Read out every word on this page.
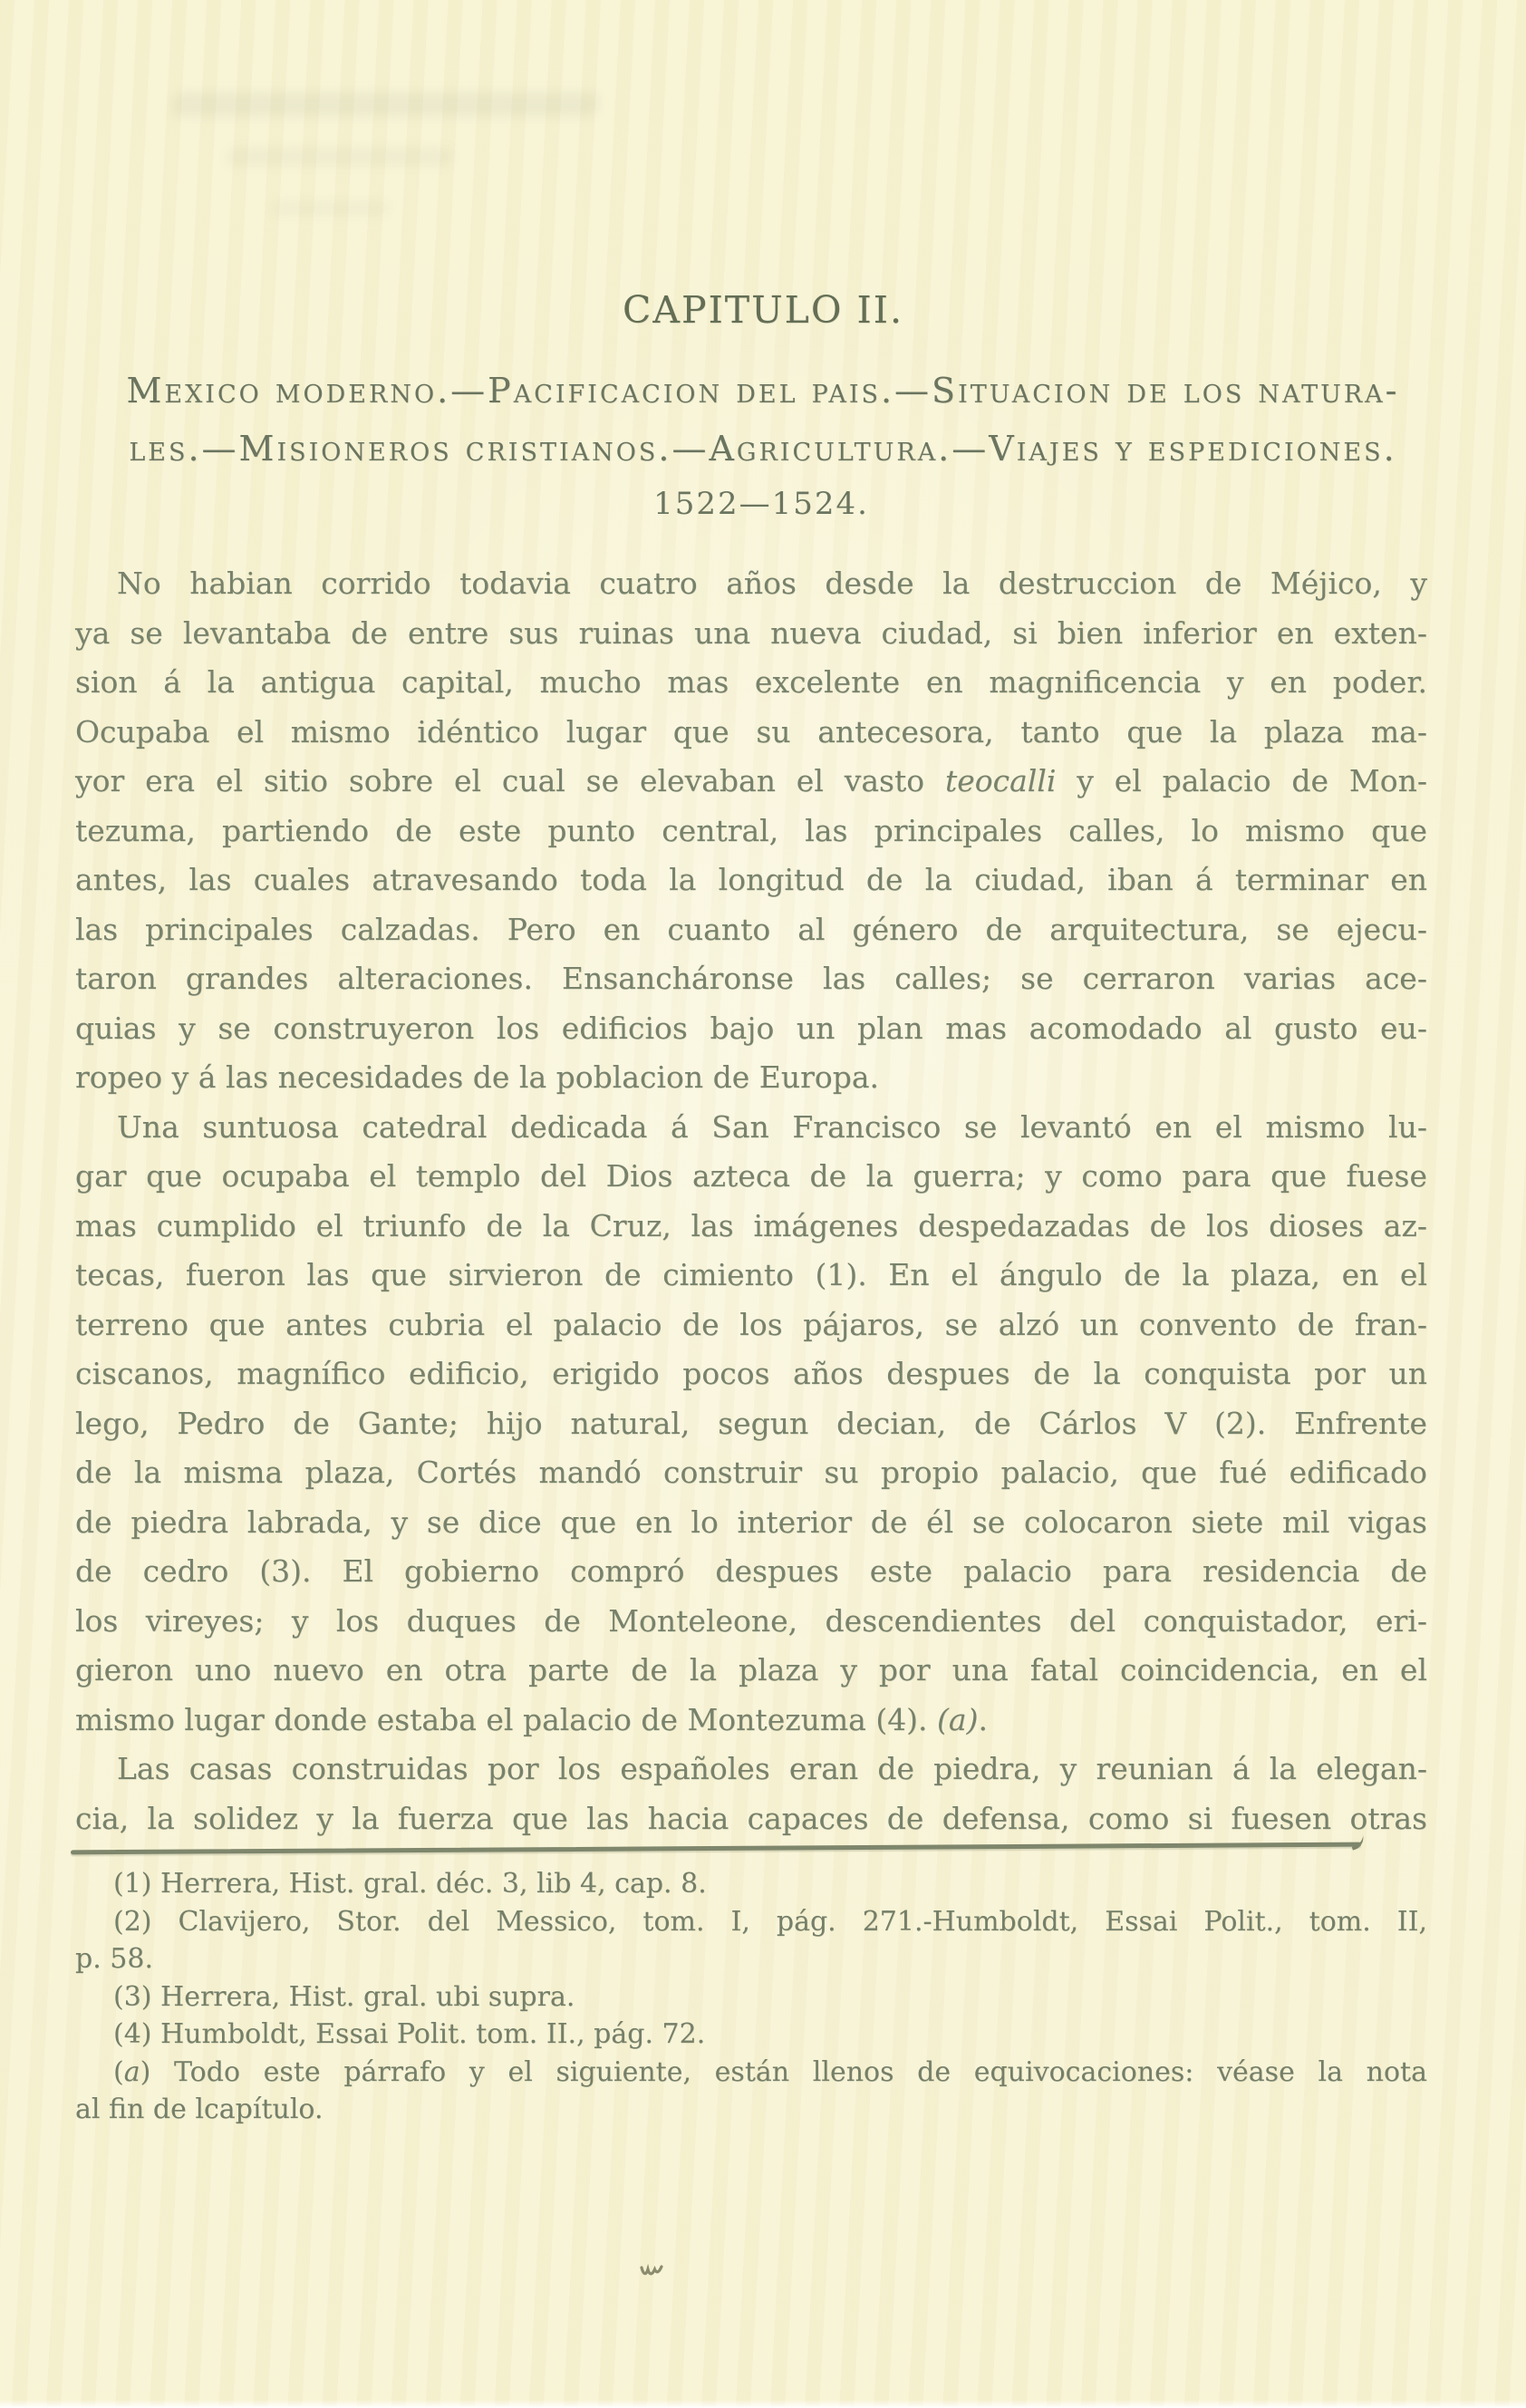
CAPITULO II.
Mexico moderno.—Pacificacion del pais.—Situacion de los natura-
les.—Misioneros cristianos.—Agricultura.—Viajes y espediciones.
1522—1524.

No habian corrido todavia cuatro años desde la destruccion de Méjico, y

ya se levantaba de entre sus ruinas una nueva ciudad, si bien inferior en exten-

sion á la antigua capital, mucho mas excelente en magnificencia y en poder.

Ocupaba el mismo idéntico lugar que su antecesora, tanto que la plaza ma-

yor era el sitio sobre el cual se elevaban el vasto teocalli y el palacio de Mon-

tezuma, partiendo de este punto central, las principales calles, lo mismo que

antes, las cuales atravesando toda la longitud de la ciudad, iban á terminar en

las principales calzadas. Pero en cuanto al género de arquitectura, se ejecu-

taron grandes alteraciones. Ensancháronse las calles; se cerraron varias ace-

quias y se construyeron los edificios bajo un plan mas acomodado al gusto eu-

ropeo y á las necesidades de la poblacion de Europa.

Una suntuosa catedral dedicada á San Francisco se levantó en el mismo lu-

gar que ocupaba el templo del Dios azteca de la guerra; y como para que fuese

mas cumplido el triunfo de la Cruz, las imágenes despedazadas de los dioses az-

tecas, fueron las que sirvieron de cimiento (1). En el ángulo de la plaza, en el

terreno que antes cubria el palacio de los pájaros, se alzó un convento de fran-

ciscanos, magnífico edificio, erigido pocos años despues de la conquista por un

lego, Pedro de Gante; hijo natural, segun decian, de Cárlos V (2). Enfrente

de la misma plaza, Cortés mandó construir su propio palacio, que fué edificado

de piedra labrada, y se dice que en lo interior de él se colocaron siete mil vigas

de cedro (3). El gobierno compró despues este palacio para residencia de

los vireyes; y los duques de Monteleone, descendientes del conquistador, eri-

gieron uno nuevo en otra parte de la plaza y por una fatal coincidencia, en el

mismo lugar donde estaba el palacio de Montezuma (4). (a).

Las casas construidas por los españoles eran de piedra, y reunian á la elegan-

cia, la solidez y la fuerza que las hacia capaces de defensa, como si fuesen otras

(1) Herrera, Hist. gral. déc. 3, lib 4, cap. 8.

(2) Clavijero, Stor. del Messico, tom. I, pág. 271.-Humboldt, Essai Polit., tom. II,

p. 58.

(3) Herrera, Hist. gral. ubi supra.

(4) Humboldt, Essai Polit. tom. II., pág. 72.

(a) Todo este párrafo y el siguiente, están llenos de equivocaciones: véase la nota

al fin de lcapítulo.
